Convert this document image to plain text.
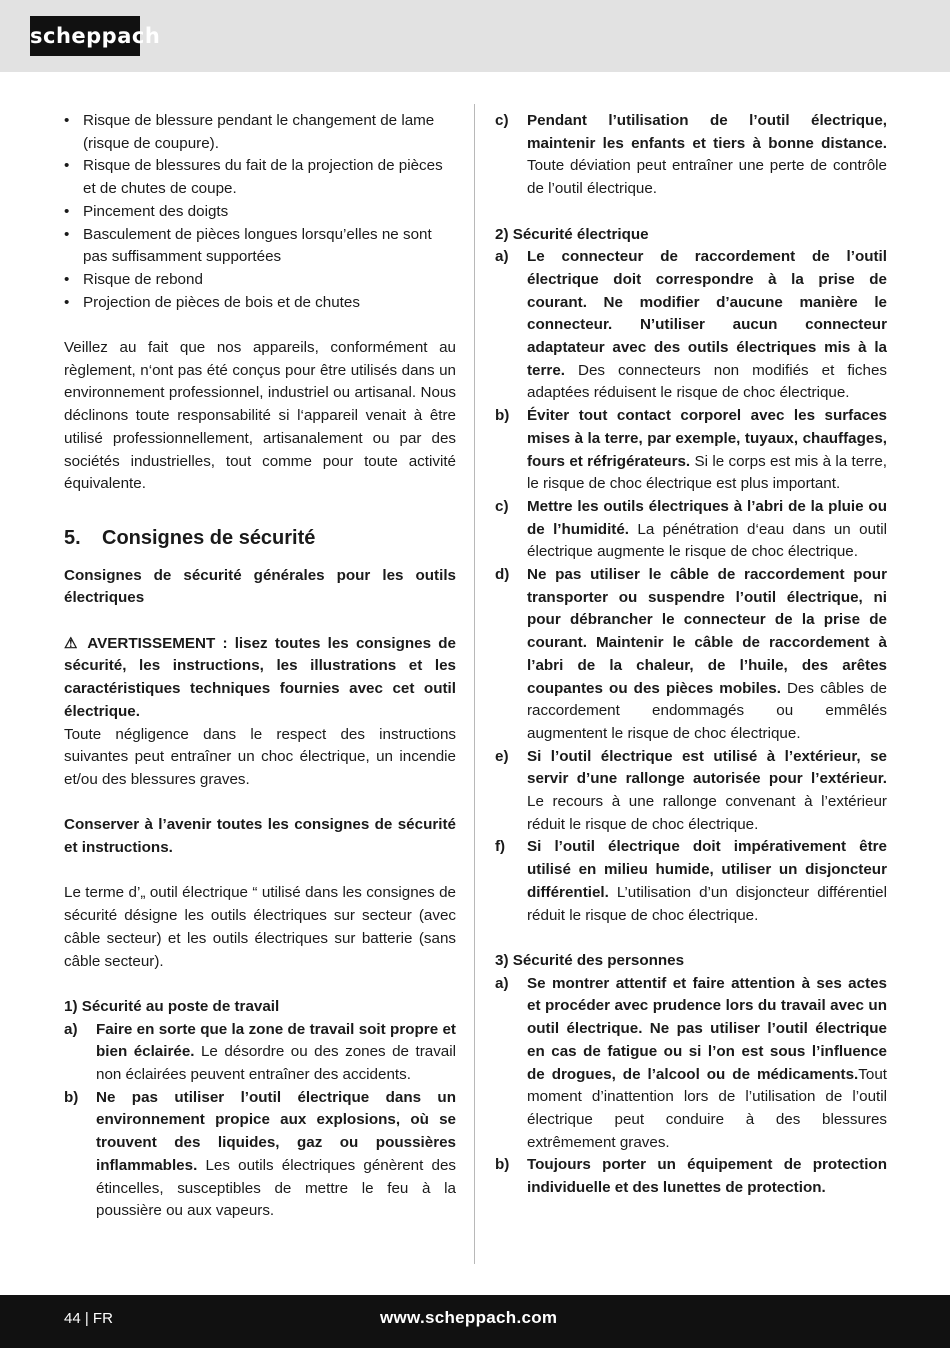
scheppach
• Risque de blessure pendant le changement de lame (risque de coupure).
• Risque de blessures du fait de la projection de pièces et de chutes de coupe.
• Pincement des doigts
• Basculement de pièces longues lorsqu’elles ne sont pas suffisamment supportées
• Risque de rebond
• Projection de pièces de bois et de chutes

Veillez au fait que nos appareils, conformément au règlement, n‘ont pas été conçus pour être utilisés dans un environnement professionnel, industriel ou artisanal. Nous déclinons toute responsabilité si l‘appareil venait à être utilisé professionnellement, artisanalement ou par des sociétés industrielles, tout comme pour toute activité équivalente.

5. Consignes de sécurité

Consignes de sécurité générales pour les outils électriques

⚠ AVERTISSEMENT : lisez toutes les consignes de sécurité, les instructions, les illustrations et les caractéristiques techniques fournies avec cet outil électrique.

Toute négligence dans le respect des instructions suivantes peut entraîner un choc électrique, un incendie et/ou des blessures graves.

Conserver à l’avenir toutes les consignes de sécurité et instructions.

Le terme d’„ outil électrique “ utilisé dans les consignes de sécurité désigne les outils électriques sur secteur (avec câble secteur) et les outils électriques sur batterie (sans câble secteur).

1) Sécurité au poste de travail

a) Faire en sorte que la zone de travail soit propre et bien éclairée. Le désordre ou des zones de travail non éclairées peuvent entraîner des accidents.
b) Ne pas utiliser l’outil électrique dans un environnement propice aux explosions, où se trouvent des liquides, gaz ou poussières inflammables. Les outils électriques génèrent des étincelles, susceptibles de mettre le feu à la poussière ou aux vapeurs.
c) Pendant l’utilisation de l’outil électrique, maintenir les enfants et tiers à bonne distance. Toute déviation peut entraîner une perte de contrôle de l’outil électrique.

2) Sécurité électrique

a) Le connecteur de raccordement de l’outil électrique doit correspondre à la prise de courant. Ne modifier d’aucune manière le connecteur. N’utiliser aucun connecteur adaptateur avec des outils électriques mis à la terre. Des connecteurs non modifiés et fiches adaptées réduisent le risque de choc électrique.
b) Éviter tout contact corporel avec les surfaces mises à la terre, par exemple, tuyaux, chauffages, fours et réfrigérateurs. Si le corps est mis à la terre, le risque de choc électrique est plus important.
c) Mettre les outils électriques à l’abri de la pluie ou de l’humidité. La pénétration d‘eau dans un outil électrique augmente le risque de choc électrique.
d) Ne pas utiliser le câble de raccordement pour transporter ou suspendre l’outil électrique, ni pour débrancher le connecteur de la prise de courant. Maintenir le câble de raccordement à l’abri de la chaleur, de l’huile, des arêtes coupantes ou des pièces mobiles. Des câbles de raccordement endommagés ou emmêlés augmentent le risque de choc électrique.
e) Si l’outil électrique est utilisé à l’extérieur, se servir d’une rallonge autorisée pour l’extérieur. Le recours à une rallonge convenant à l’extérieur réduit le risque de choc électrique.
f) Si l’outil électrique doit impérativement être utilisé en milieu humide, utiliser un disjoncteur différentiel. L’utilisation d’un disjoncteur différentiel réduit le risque de choc électrique.

3) Sécurité des personnes

a) Se montrer attentif et faire attention à ses actes et procéder avec prudence lors du travail avec un outil électrique. Ne pas utiliser l’outil électrique en cas de fatigue ou si l’on est sous l’influence de drogues, de l’alcool ou de médicaments.Tout moment d’inattention lors de l’utilisation de l’outil électrique peut conduire à des blessures extrêmement graves.
b) Toujours porter un équipement de protection individuelle et des lunettes de protection.
44 | FR	www.scheppach.com
